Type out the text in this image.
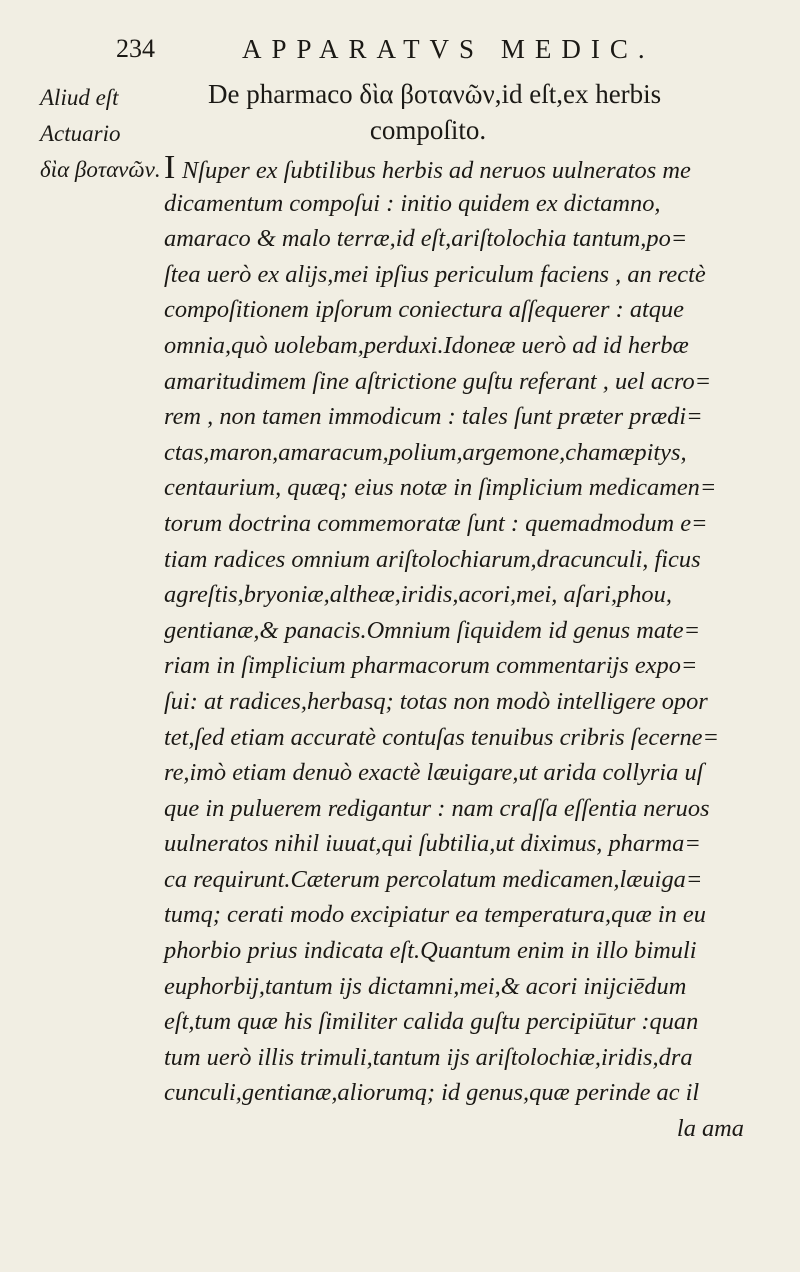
234	APPARATVS MEDIC.
Aliud eſt
Actuario
δὶα βοτανῶν.
De pharmaco δὶα βοτανῶν,id eſt,ex herbis
compoſito.
I Nſuper ex ſubtilibus herbis ad neruos uulneratos me
dicamentum compoſui : initio quidem ex dictamno,
amaraco & malo terræ,id eſt,ariſtolochia tantum,po=
ſtea uerò ex alijs,mei ipſius periculum faciens , an rectè
compoſitionem ipſorum coniectura aſſequerer : atque
omnia,quò uolebam,perduxi.Idoneæ uerò ad id herbæ
amaritudimem ſine aſtrictione guſtu referant , uel acro=
rem , non tamen immodicum : tales ſunt præter prædi=
ctas,maron,amaracum,polium,argemone,chamæpitys,
centaurium, quæq; eius notæ in ſimplicium medicamen=
torum doctrina commemoratæ ſunt : quemadmodum e=
tiam radices omnium ariſtolochiarum,dracunculi, ficus
agreſtis,bryoniæ,altheæ,iridis,acori,mei, aſari,phou,
gentianæ,& panacis.Omnium ſiquidem id genus mate=
riam in ſimplicium pharmacorum commentarijs expo=
ſui: at radices,herbasq; totas non modò intelligere opor
tet,ſed etiam accuratè contuſas tenuibus cribris ſecerne=
re,imò etiam denuò exactè læuigare,ut arida collyria uſ
que in puluerem redigantur : nam craſſa eſſentia neruos
uulneratos nihil iuuat,qui ſubtilia,ut diximus, pharma=
ca requirunt.Cæterum percolatum medicamen,læuiga=
tumq; cerati modo excipiatur ea temperatura,quæ in eu
phorbio prius indicata eſt.Quantum enim in illo bimuli
euphorbij,tantum ijs dictamni,mei,& acori inijciēdum
eſt,tum quæ his ſimiliter calida guſtu percipiūtur :quan
tum uerò illis trimuli,tantum ijs ariſtolochiæ,iridis,dra
cunculi,gentianæ,aliorumq; id genus,quæ perinde ac il
la ama
